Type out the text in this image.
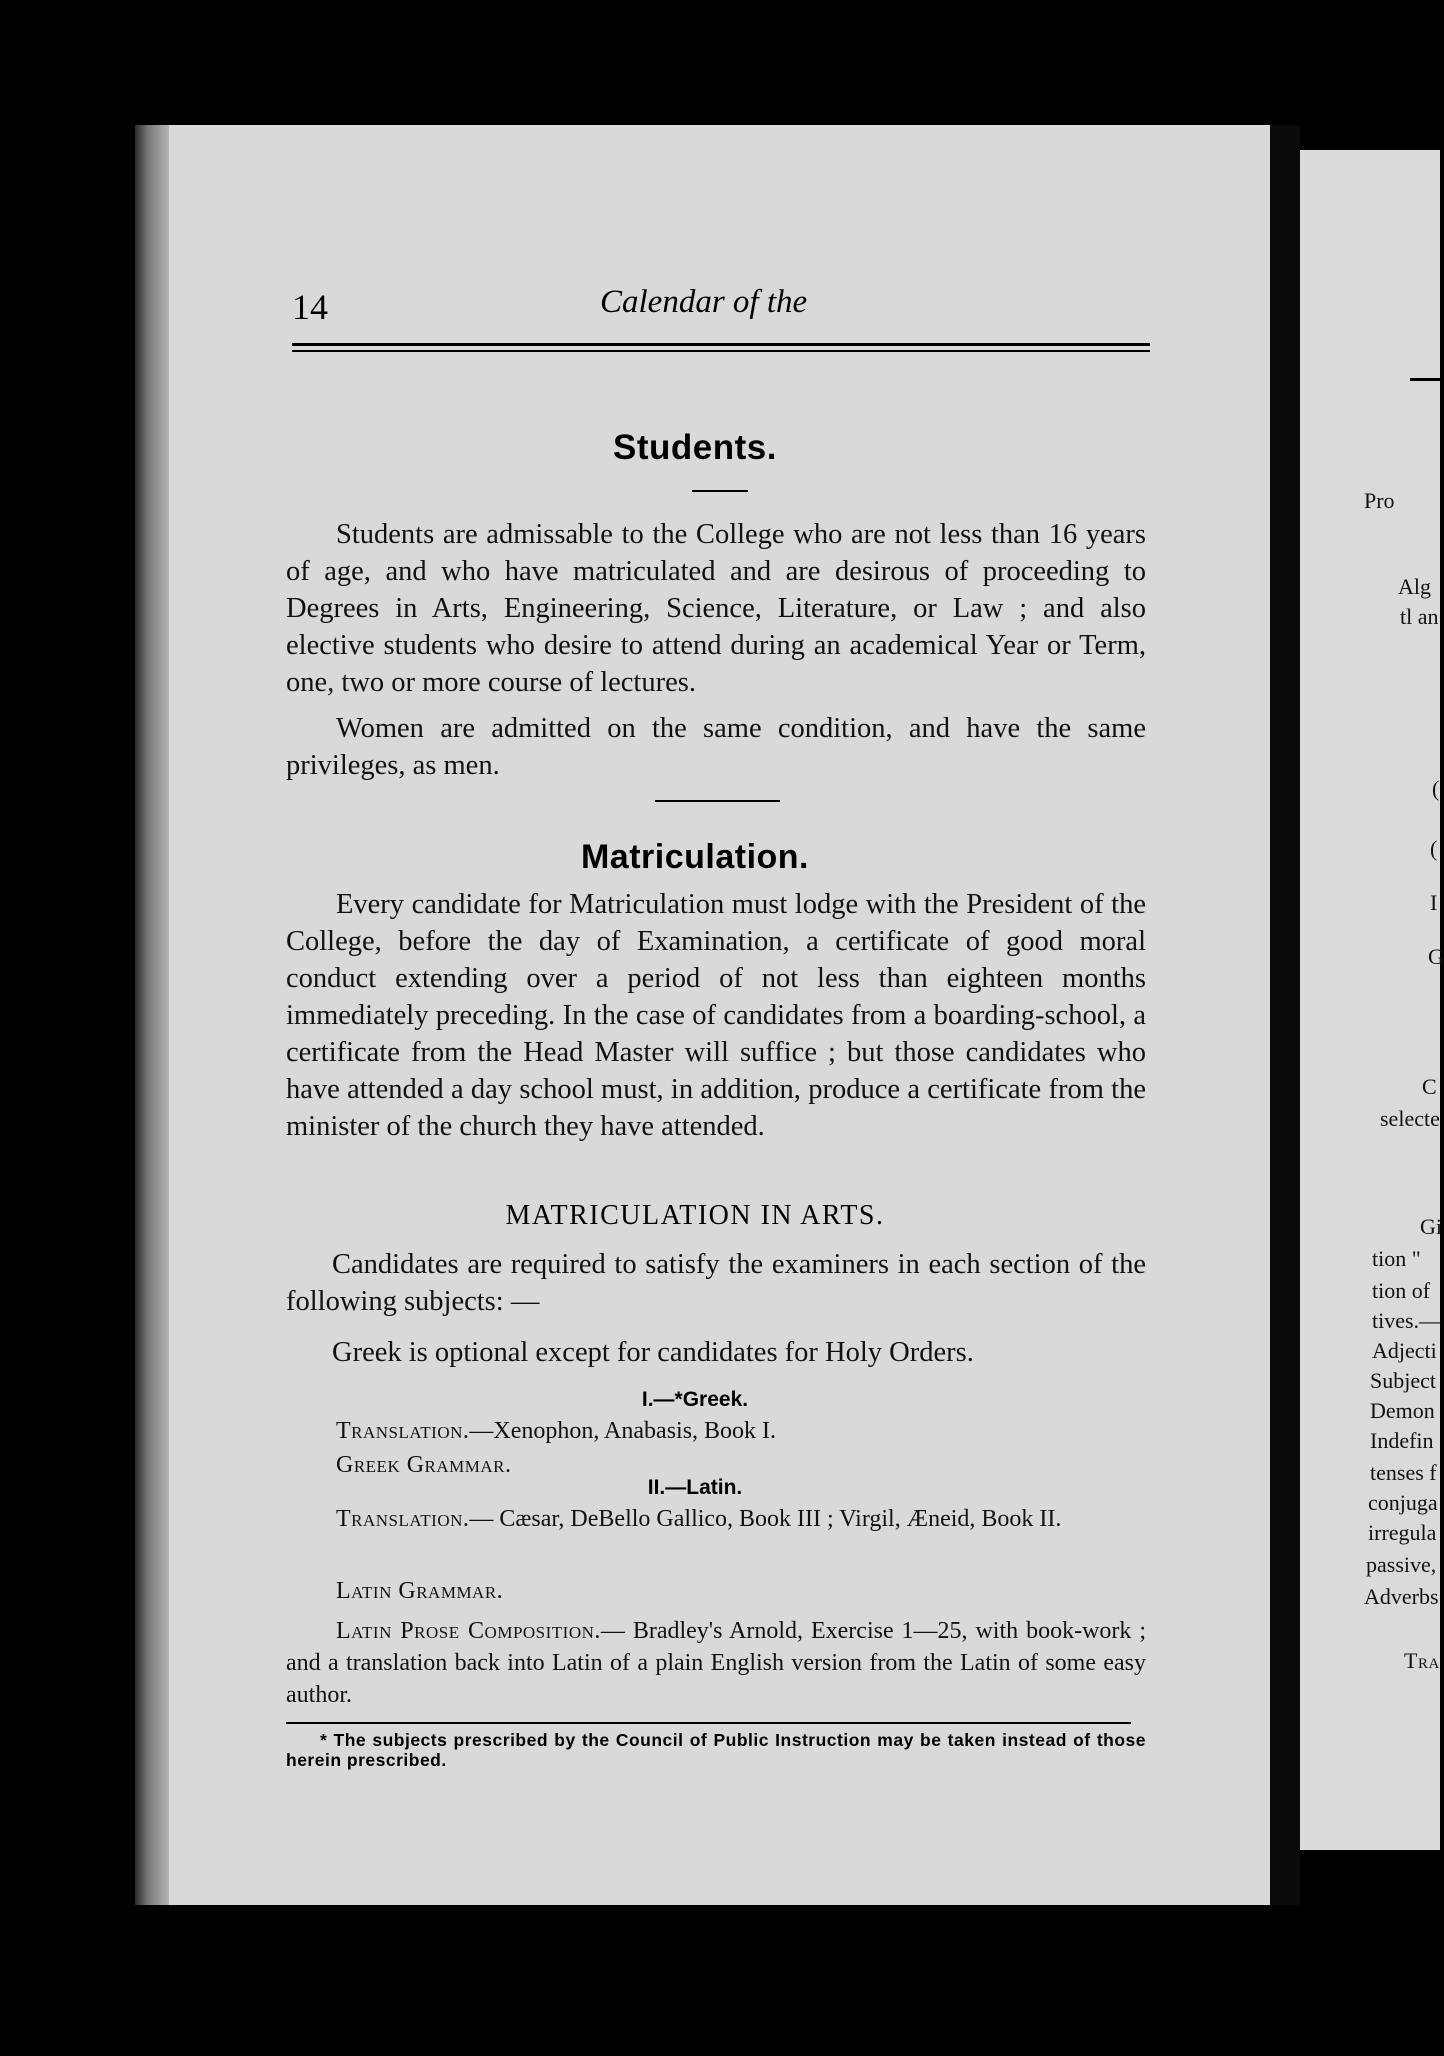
14	Calendar of the
Students.
Students are admissable to the College who are not less than 16 years of age, and who have matriculated and are desirous of proceeding to Degrees in Arts, Engineering, Science, Literature, or Law ; and also elective students who desire to attend during an academical Year or Term, one, two or more course of lectures.
Women are admitted on the same condition, and have the same privileges, as men.
Matriculation.
Every candidate for Matriculation must lodge with the President of the College, before the day of Examination, a certificate of good moral conduct extending over a period of not less than eighteen months immediately preceding. In the case of candidates from a boarding-school, a certificate from the Head Master will suffice ; but those candidates who have attended a day school must, in addition, produce a certificate from the minister of the church they have attended.
MATRICULATION IN ARTS.
Candidates are required to satisfy the examiners in each section of the following subjects: —
Greek is optional except for candidates for Holy Orders.
I.—*Greek.
Translation.—Xenophon, Anabasis, Book I.
Greek Grammar.
II.—Latin.
Translation.— Cæsar, DeBello Gallico, Book III ; Virgil, Æneid, Book II.
Latin Grammar.
Latin Prose Composition.— Bradley's Arnold, Exercise 1—25, with book-work ; and a translation back into Latin of a plain English version from the Latin of some easy author.
* The subjects prescribed by the Council of Public Instruction may be taken instead of those herein prescribed.
Pro
Alg
tl an
(
(
I
G
C
selecte
Gi
tion "
tion of
tives.—
Adjecti
Subject
Demon
Indefin
tenses f
conjuga
irregula
passive,
Adverbs
Tra
